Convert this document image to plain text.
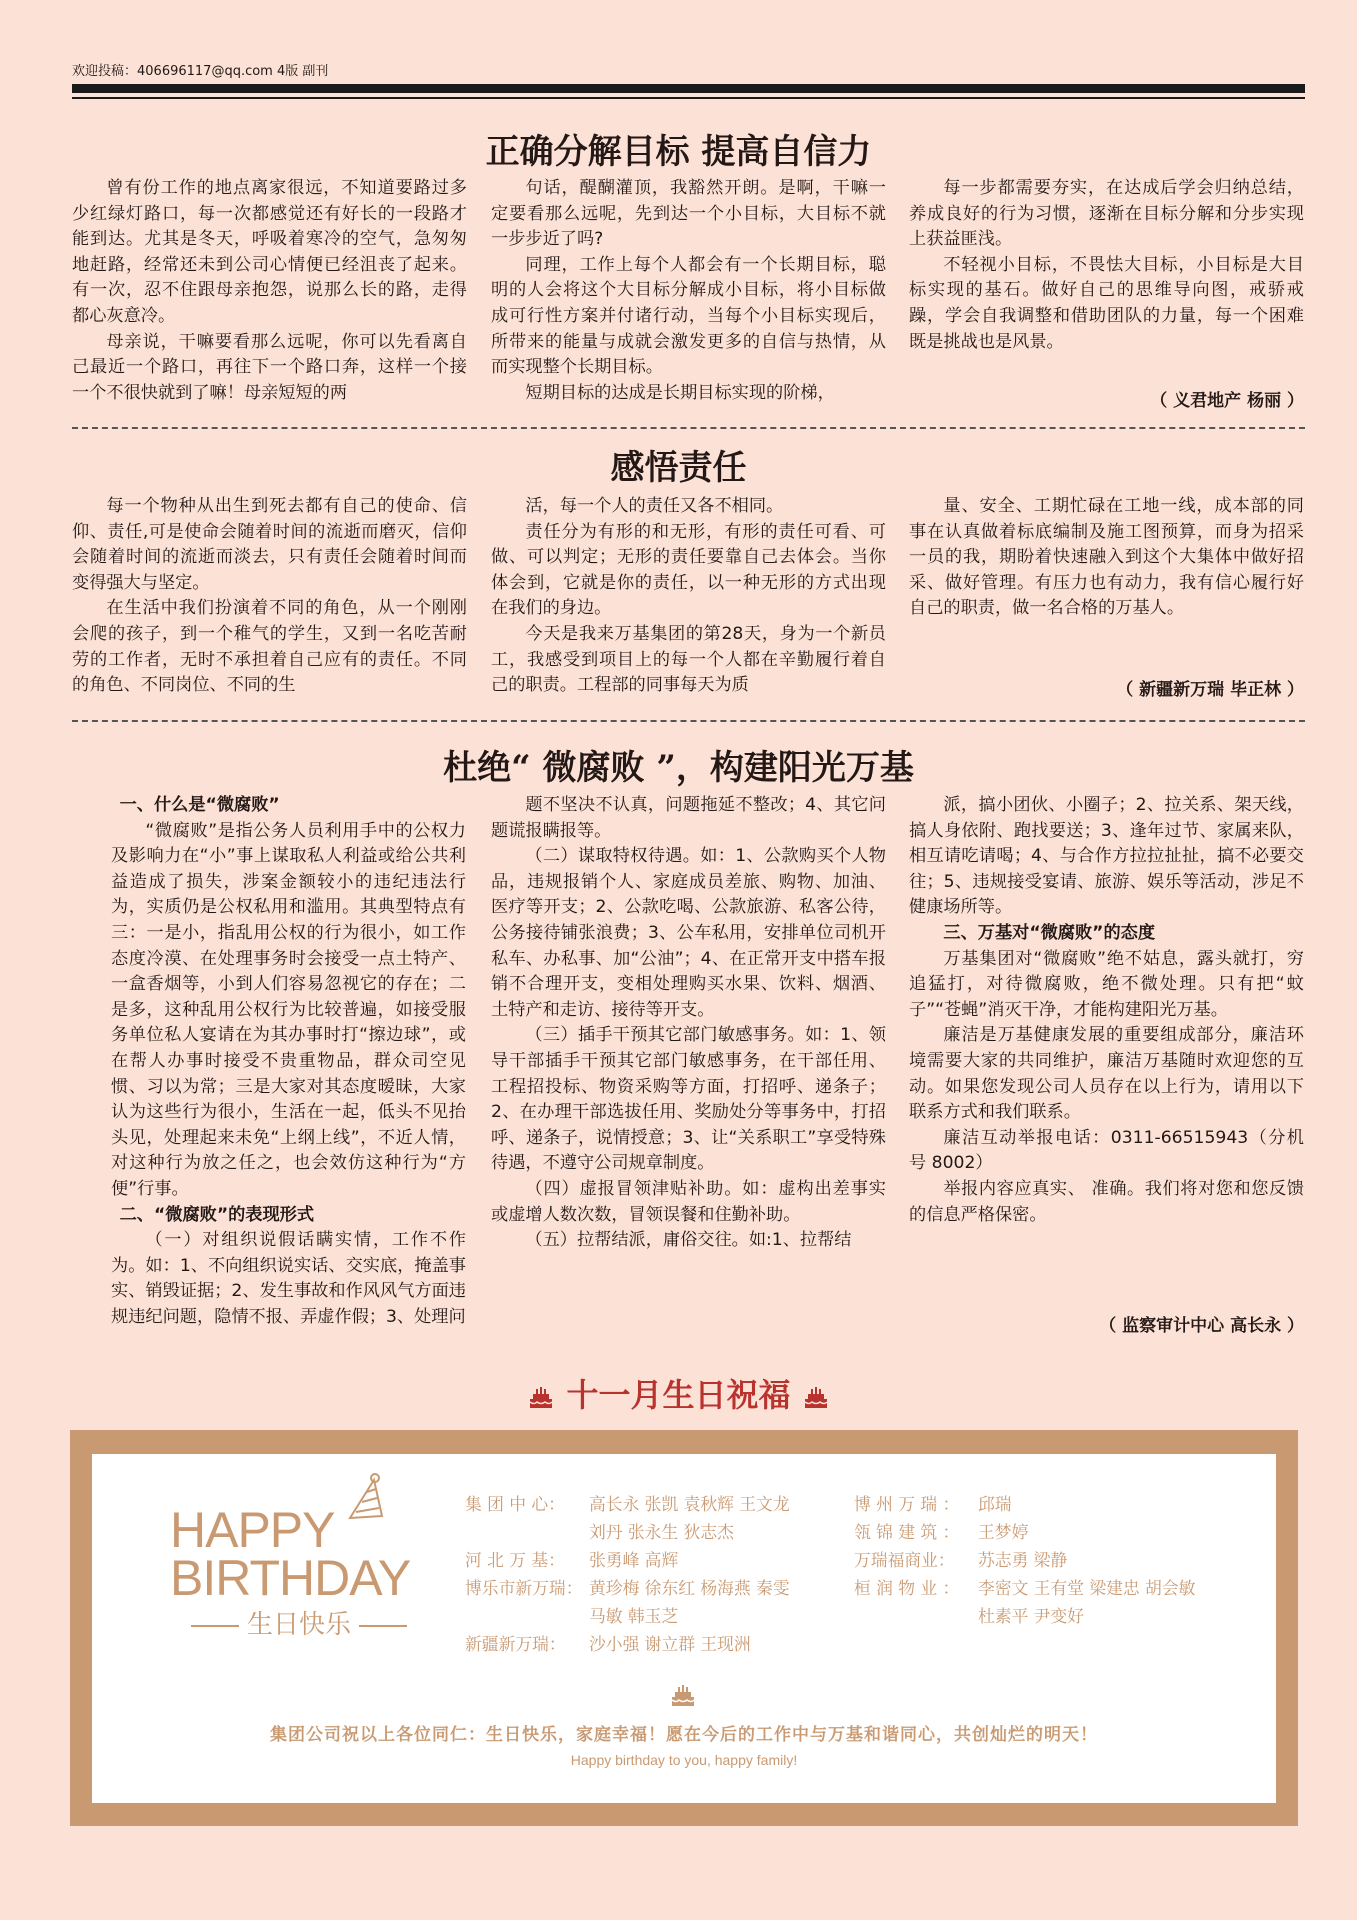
欢迎投稿：406696117@qq.com 4版 副刊
正确分解目标 提高自信力

曾有份工作的地点离家很远，不知道要路过多少红绿灯路口，每一次都感觉还有好长的一段路才能到达。尤其是冬天，呼吸着寒冷的空气，急匆匆地赶路，经常还未到公司心情便已经沮丧了起来。有一次，忍不住跟母亲抱怨，说那么长的路，走得都心灰意冷。

母亲说，干嘛要看那么远呢，你可以先看离自己最近一个路口，再往下一个路口奔，这样一个接一个不很快就到了嘛！母亲短短的两

句话，醍醐灌顶，我豁然开朗。是啊，干嘛一定要看那么远呢，先到达一个小目标，大目标不就一步步近了吗?

同理，工作上每个人都会有一个长期目标，聪明的人会将这个大目标分解成小目标，将小目标做成可行性方案并付诸行动，当每个小目标实现后，所带来的能量与成就会激发更多的自信与热情，从而实现整个长期目标。

短期目标的达成是长期目标实现的阶梯，

每一步都需要夯实，在达成后学会归纳总结，养成良好的行为习惯，逐渐在目标分解和分步实现上获益匪浅。

不轻视小目标，不畏怯大目标，小目标是大目标实现的基石。做好自己的思维导向图，戒骄戒躁，学会自我调整和借助团队的力量，每一个困难既是挑战也是风景。

（ 义君地产 杨丽 ）
感悟责任

每一个物种从出生到死去都有自己的使命、信仰、责任,可是使命会随着时间的流逝而磨灭，信仰会随着时间的流逝而淡去，只有责任会随着时间而变得强大与坚定。

在生活中我们扮演着不同的角色，从一个刚刚会爬的孩子，到一个稚气的学生，又到一名吃苦耐劳的工作者，无时不承担着自己应有的责任。不同的角色、不同岗位、不同的生

活，每一个人的责任又各不相同。

责任分为有形的和无形，有形的责任可看、可做、可以判定；无形的责任要靠自己去体会。当你体会到，它就是你的责任，以一种无形的方式出现在我们的身边。

今天是我来万基集团的第28天，身为一个新员工，我感受到项目上的每一个人都在辛勤履行着自己的职责。工程部的同事每天为质

量、安全、工期忙碌在工地一线，成本部的同事在认真做着标底编制及施工图预算，而身为招采一员的我，期盼着快速融入到这个大集体中做好招采、做好管理。有压力也有动力，我有信心履行好自己的职责，做一名合格的万基人。

（ 新疆新万瑞 毕正林 ）
杜绝“ 微腐败 ”，构建阳光万基

一、什么是“微腐败”

“微腐败”是指公务人员利用手中的公权力及影响力在“小”事上谋取私人利益或给公共利益造成了损失，涉案金额较小的违纪违法行为，实质仍是公权私用和滥用。其典型特点有三：一是小，指乱用公权的行为很小，如工作态度冷漠、在处理事务时会接受一点土特产、一盒香烟等，小到人们容易忽视它的存在；二是多，这种乱用公权行为比较普遍，如接受服务单位私人宴请在为其办事时打“擦边球”，或在帮人办事时接受不贵重物品，群众司空见惯、习以为常；三是大家对其态度暧昧，大家认为这些行为很小，生活在一起，低头不见抬头见，处理起来未免“上纲上线”，不近人情，对这种行为放之任之，也会效仿这种行为“方便”行事。

二、“微腐败”的表现形式

（一）对组织说假话瞒实情，工作不作为。如：1、不向组织说实话、交实底，掩盖事实、销毁证据；2、发生事故和作风风气方面违规违纪问题，隐情不报、弄虚作假；3、处理问

题不坚决不认真，问题拖延不整改；4、其它问题谎报瞒报等。

（二）谋取特权待遇。如：1、公款购买个人物品，违规报销个人、家庭成员差旅、购物、加油、医疗等开支；2、公款吃喝、公款旅游、私客公待，公务接待铺张浪费；3、公车私用，安排单位司机开私车、办私事、加“公油”；4、在正常开支中搭车报销不合理开支，变相处理购买水果、饮料、烟酒、土特产和走访、接待等开支。

（三）插手干预其它部门敏感事务。如：1、领导干部插手干预其它部门敏感事务，在干部任用、工程招投标、物资采购等方面，打招呼、递条子；2、在办理干部选拔任用、奖励处分等事务中，打招呼、递条子，说情授意；3、让“关系职工”享受特殊待遇，不遵守公司规章制度。

（四）虚报冒领津贴补助。如：虚构出差事实或虚增人数次数，冒领误餐和住勤补助。

（五）拉帮结派，庸俗交往。如:1、拉帮结

派，搞小团伙、小圈子；2、拉关系、架天线，搞人身依附、跑找要送；3、逢年过节、家属来队，相互请吃请喝；4、与合作方拉拉扯扯，搞不必要交往；5、违规接受宴请、旅游、娱乐等活动，涉足不健康场所等。

三、万基对“微腐败”的态度

万基集团对“微腐败”绝不姑息，露头就打，穷追猛打，对待微腐败，绝不微处理。只有把“蚊子”“苍蝇”消灭干净，才能构建阳光万基。

廉洁是万基健康发展的重要组成部分，廉洁环境需要大家的共同维护，廉洁万基随时欢迎您的互动。如果您发现公司人员存在以上行为，请用以下联系方式和我们联系。

廉洁互动举报电话：0311-66515943（分机号 8002）

举报内容应真实、 准确。我们将对您和您反馈的信息严格保密。

（ 监察审计中心 高长永 ）
十一月生日祝福
HAPPY
BIRTHDAY
生日快乐
集 团 中 心： 高长永 张凯 袁秋辉 王文龙
刘丹 张永生 狄志杰
河 北 万 基： 张勇峰 高辉
博乐市新万瑞： 黄珍梅 徐东红 杨海燕 秦雯
马敏 韩玉芝
新疆新万瑞： 沙小强 谢立群 王现洲
博 州 万 瑞 ： 邱瑞
瓴 锦 建 筑 ： 王梦婷
万瑞福商业： 苏志勇 梁静
桓 润 物 业 ： 李密文 王有堂 梁建忠 胡会敏
杜素平 尹变好
集团公司祝以上各位同仁：生日快乐，家庭幸福！愿在今后的工作中与万基和谐同心，共创灿烂的明天！
Happy birthday to you, happy family!
